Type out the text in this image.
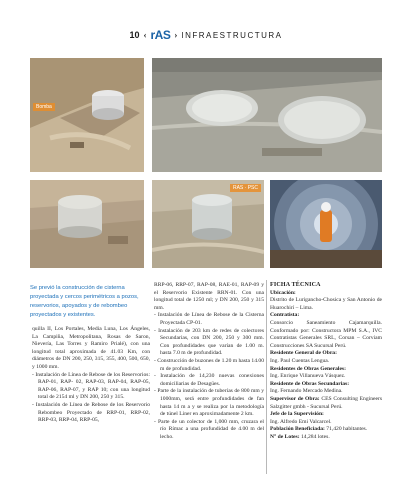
10 ‹ rAS › INFRAESTRUCTURA
Bomba
RAS · PSC
Se previó la construcción de cisterna proyectada y cercos perimétricos a pozos, reservorios, apoyados y de rebombeo proyectados y existentes.

quilla II, Los Portales, Media Luna, Los Ángeles, La Campiña, Metropolitana, Rosas de Saron, Nievería, Las Torres y Ramiro Prialé), con una longitud total aproximada de 41.03 Km, con diámetros de DN 200, 250, 315, 355, 400, 500, 650, y 1000 mm.

- Instalación de Línea de Rebose de los Reservorios: RAP-01, RAP- 02, RAP-03, RAP-04, RAP-05, RAP-06, RAP-07, y RAP 10; con una longitud total de 2154 ml y DN 200, 250 y 315.

- Instalación de Línea de Rebose de los Reservorio Rebombeo Proyectado de RRP-01, RRP-02, RRP-03, RRP-04, RRP-05,

RRP-06, RRP-07, RAP-08, RAE-01, RAP-09 y el Reservorio Existente RRN-01. Con una longitud total de 1250 ml; y DN 200, 250 y 315 mm.

- Instalación de Línea de Rebose de la Cisterna Proyectada CP-01.

- Instalación de 203 km de redes de colectores Secundarias, con DN 200, 250 y 300 mm. Con profundidades que varían de 1.00 m. hasta 7.0 m de profundidad.

- Construcción de buzones de 1.20 m hasta 14.00 m de profundidad.

- Instalación de 14,230 nuevas conexiones domiciliarias de Desagües.

- Parte de la instalación de tuberías de 800 mm y 1000mm, será entre profundidades de fan hasta 14 m a y se realiza por la metodología de túnel Liner en aproximadamente 2 km.

- Parte de un colector de 1,000 mm, cruzara el río Rímac a una profundidad de 4.00 m del lecho.

FICHA TÉCNICA

Ubicación:

Distrito de Lurigancho-Chosica y San Antonio de Huarochirí – Lima.

Contratista:

Consorcio Saneamiento Cajamarquilla. Conformado por: Constructora MPM S.A., IVC Contratistas Generales SRL, Corsan – Corviam Construcciones SA Sucursal Perú.

Residente General de Obra:

Ing. Paul Cuentas Lengua.

Residentes de Obras Generales:

Ing. Enrique Villanueva Vásquez.

Residente de Obras Secundarias:

Ing. Fernando Mercado Medina.

Supervisor de Obra: CES Consulting Engineers Salzgitter gmbh - Sucursal Perú.

Jefe de la Supervisión:

Ing. Alfredo Emi Valcarcel.

Población Beneficiada: 71,420 habitantes.

N° de Lotes: 14,284 lotes.
